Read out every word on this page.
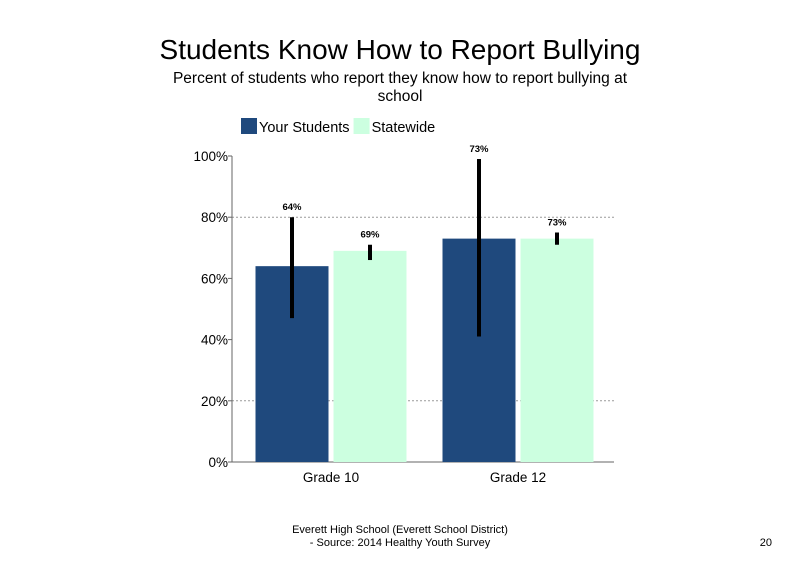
Students Know How to Report Bullying
Percent of students who report they know how to report bullying at school
0%
20%
40%
60%
80%
100%
Grade 10
64%
69%
Grade 12
73%
73%
Your Students Statewide
Everett High School (Everett School District)
- Source: 2014 Healthy Youth Survey	20
